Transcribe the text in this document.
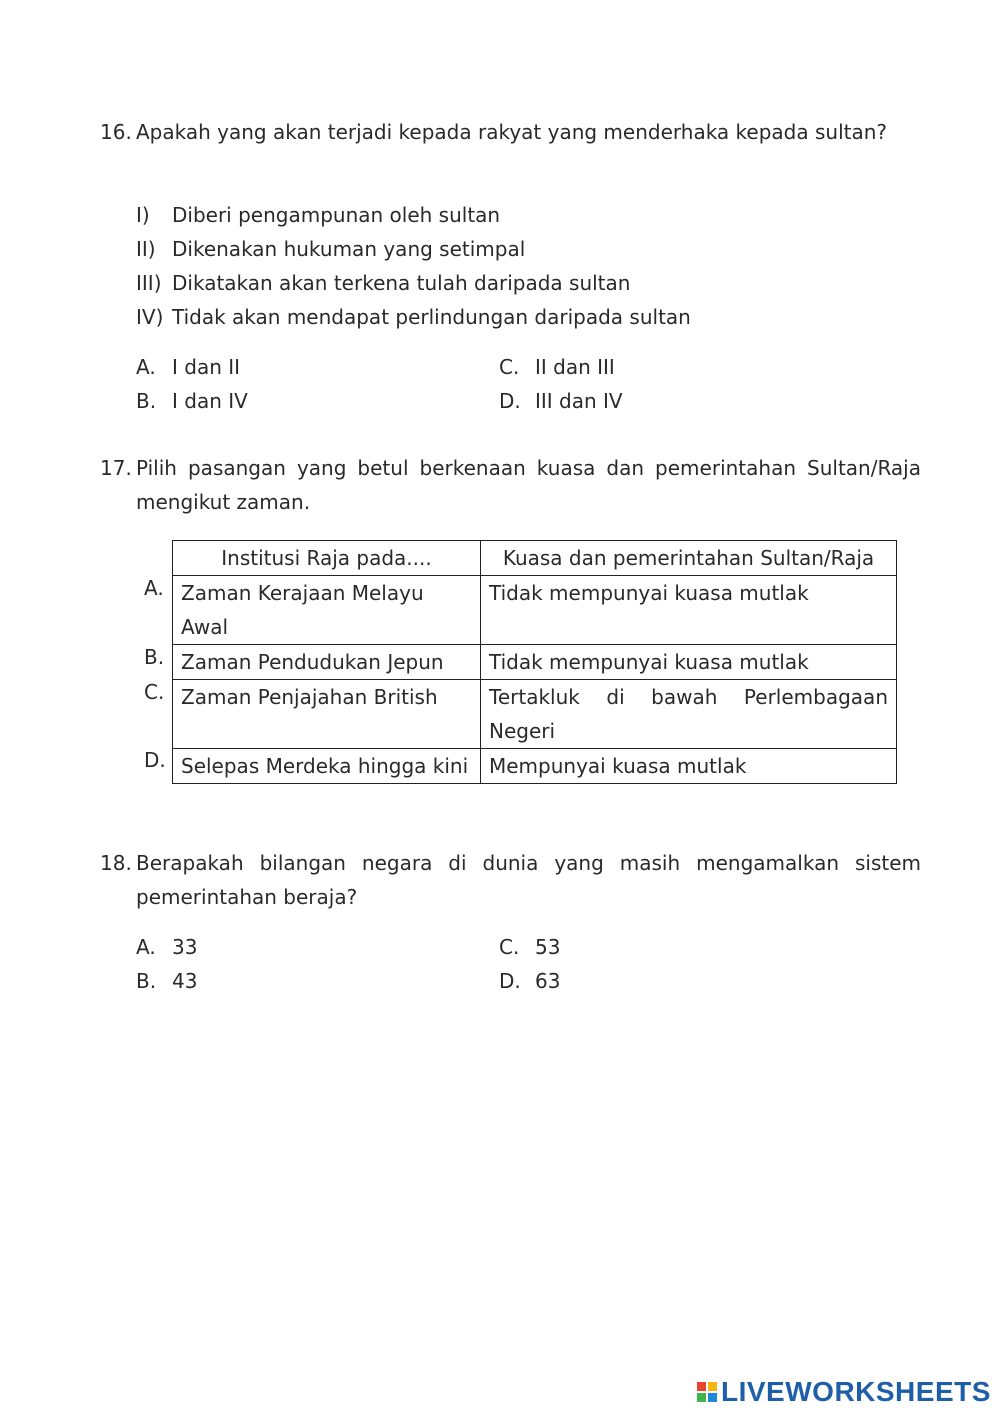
16. Apakah yang akan terjadi kepada rakyat yang menderhaka kepada sultan?
I)	Diberi pengampunan oleh sultan
II) Dikenakan hukuman yang setimpal
III) Dikatakan akan terkena tulah daripada sultan
IV) Tidak akan mendapat perlindungan daripada sultan
A. I dan II
B. I dan IV
C. II dan III
D. III dan IV
17. Pilih pasangan yang betul berkenaan kuasa dan pemerintahan Sultan/Raja mengikut zaman.
A.
B.
C.
D.
Institusi Raja pada....	Kuasa dan pemerintahan Sultan/Raja
Zaman Kerajaan Melayu Awal	Tidak mempunyai kuasa mutlak
Zaman Pendudukan Jepun	Tidak mempunyai kuasa mutlak
Zaman Penjajahan British	Tertakluk di bawah Perlembagaan Negeri
Selepas Merdeka hingga kini	Mempunyai kuasa mutlak
18. Berapakah bilangan negara di dunia yang masih mengamalkan sistem pemerintahan beraja?
A. 33
B. 43
C. 53
D. 63
LIVEWORKSHEETS
